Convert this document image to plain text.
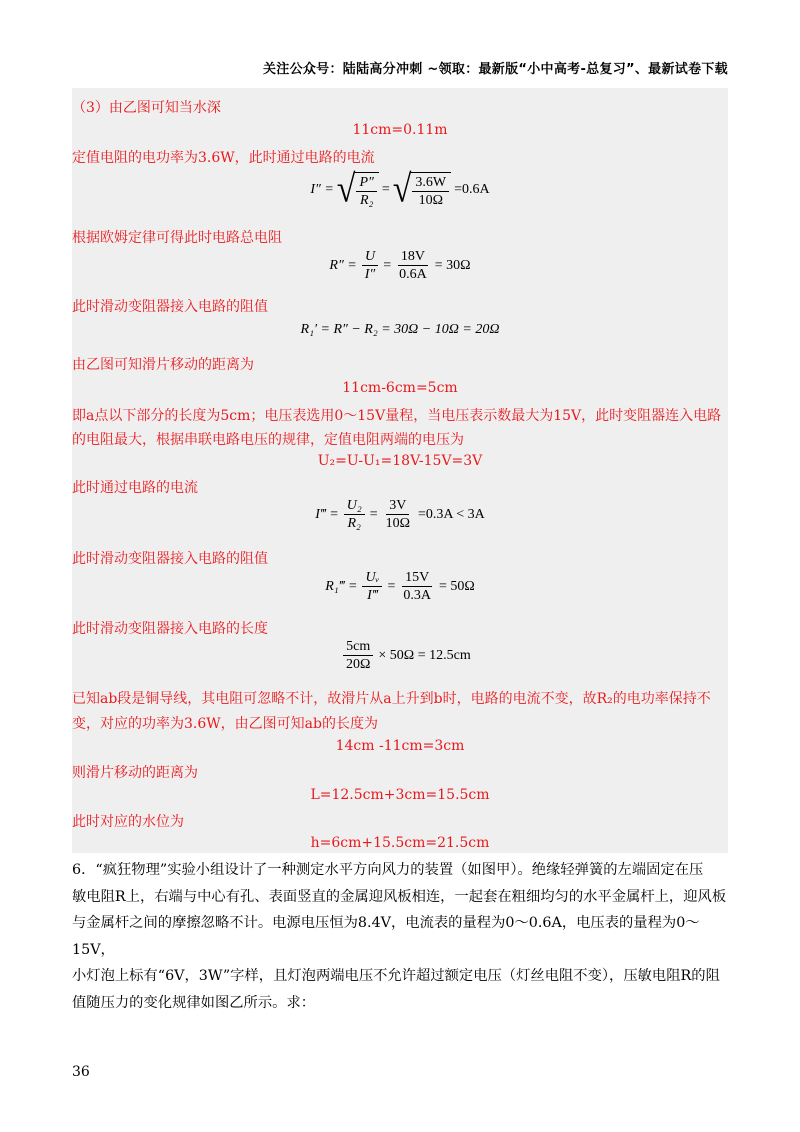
关注公众号：陆陆高分冲刺 ~领取：最新版“小中高考-总复习”、最新试卷下载
（3）由乙图可知当水深
11cm=0.11m
定值电阻的电功率为3.6W，此时通过电路的电流
I″ = √ $\frac{P''}{\text{R₂}}$ = √ $\frac{3.6W}{10\Omega} =0.6A$
根据欧姆定律可得此时电路总电阻
$R'' = \frac{U}{I''} = \frac{18V}{0.6A} = 30\Omega$
此时滑动变阻器接入电路的阻值
R₁′ = R″ − R₂ = 30Ω − 10Ω = 20Ω
由乙图可知滑片移动的距离为
11cm-6cm=5cm
即a点以下部分的长度为5cm；电压表选用0～15V量程，当电压表示数最大为15V，此时变阻器连入电路
的电阻最大，根据串联电路电压的规律，定值电阻两端的电压为
U₂=U-U₁=18V-15V=3V
此时通过电路的电流
I‴ = $\frac{\text{U₂}}{\text{R₂}} = \frac{3V}{10\Omega} =0.3A < 3A$
此时滑动变阻器接入电路的阻值
R₁‴ = $\frac{\text{Uᵥ}}{I‴} = \frac{15V}{0.3A} = 50\Omega$
此时滑动变阻器接入电路的长度
$\frac{5cm}{20\Omega} \times 50\Omega = 12.5cm$
已知ab段是铜导线，其电阻可忽略不计，故滑片从a上升到b时，电路的电流不变，故R₂的电功率保持不
变，对应的功率为3.6W，由乙图可知ab的长度为
14cm -11cm=3cm
则滑片移动的距离为
L=12.5cm+3cm=15.5cm
此时对应的水位为
h=6cm+15.5cm=21.5cm
6．“疯狂物理”实验小组设计了一种测定水平方向风力的装置（如图甲）。绝缘轻弹簧的左端固定在压
敏电阻R上，右端与中心有孔、表面竖直的金属迎风板相连，一起套在粗细均匀的水平金属杆上，迎风板
与金属杆之间的摩擦忽略不计。电源电压恒为8.4V，电流表的量程为0～0.6A，电压表的量程为0～15V，
小灯泡上标有“6V，3W”字样，且灯泡两端电压不允许超过额定电压（灯丝电阻不变），压敏电阻R的阻
值随压力的变化规律如图乙所示。求：
36
